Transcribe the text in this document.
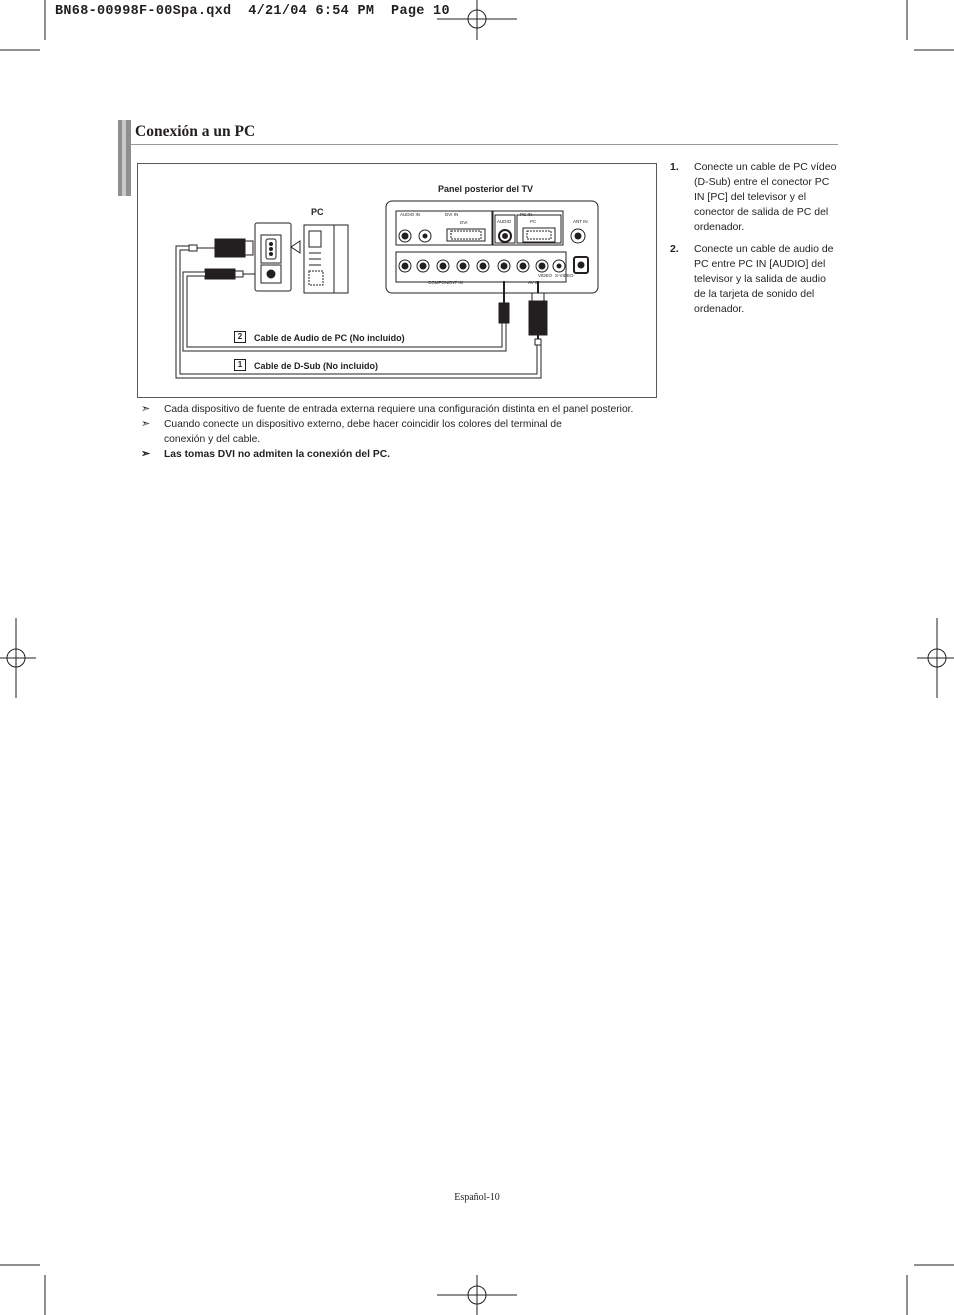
BN68-00998F-00Spa.qxd  4/21/04 6:54 PM  Page 10
Conexión a un PC
Panel posterior del TV
PC	AUDIO IN	DVI IN
DVI
PC IN
AUDIO	PC	ANT IN
COMPONENT IN	AV IN
VIDEO S-VIDEO
2	Cable de Audio de PC (No incluido)
1	Cable de D-Sub (No incluido)
1. Conecte un cable de PC vídeo (D-Sub) entre el conector PC IN [PC] del televisor y el conector de salida de PC del ordenador.
2. Conecte un cable de audio de PC entre PC IN [AUDIO] del televisor y la salida de audio de la tarjeta de sonido del ordenador.
➣ Cada dispositivo de fuente de entrada externa requiere una configuración distinta en el panel posterior.
➣ Cuando conecte un dispositivo externo, debe hacer coincidir los colores del terminal de conexión y del cable.
➣ Las tomas DVI no admiten la conexión del PC.
Español-10
